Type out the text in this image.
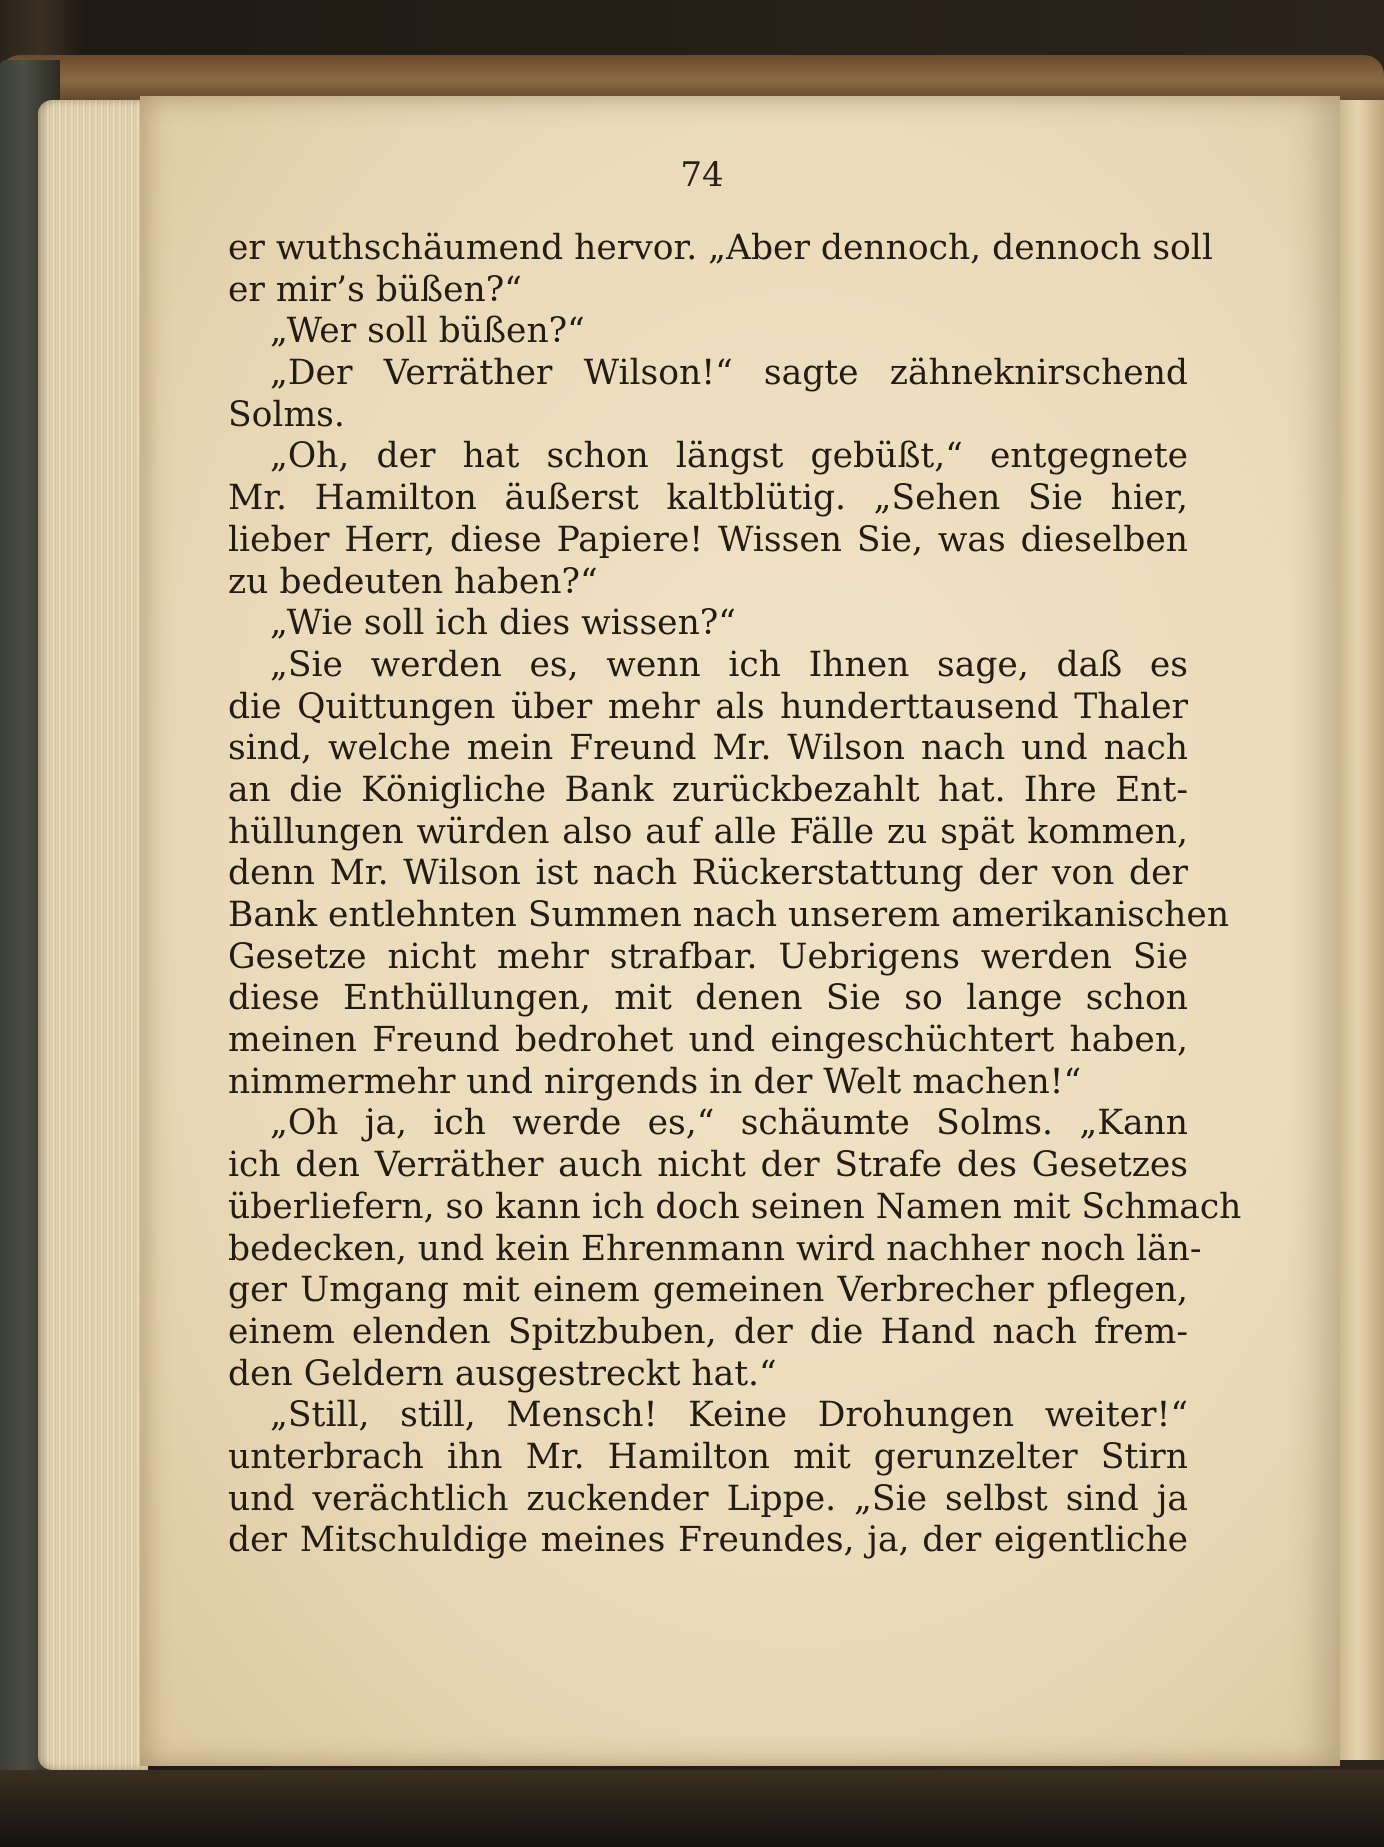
74
er wuthschäumend hervor. „Aber dennoch, dennoch soll
er mir’s büßen?“
„Wer soll büßen?“
„Der Verräther Wilson!“ sagte zähneknirschend
Solms.
„Oh, der hat schon längst gebüßt,“ entgegnete
Mr. Hamilton äußerst kaltblütig. „Sehen Sie hier,
lieber Herr, diese Papiere! Wissen Sie, was dieselben
zu bedeuten haben?“
„Wie soll ich dies wissen?“
„Sie werden es, wenn ich Ihnen sage, daß es
die Quittungen über mehr als hunderttausend Thaler
sind, welche mein Freund Mr. Wilson nach und nach
an die Königliche Bank zurückbezahlt hat. Ihre Ent-
hüllungen würden also auf alle Fälle zu spät kommen,
denn Mr. Wilson ist nach Rückerstattung der von der
Bank entlehnten Summen nach unserem amerikanischen
Gesetze nicht mehr strafbar. Uebrigens werden Sie
diese Enthüllungen, mit denen Sie so lange schon
meinen Freund bedrohet und eingeschüchtert haben,
nimmermehr und nirgends in der Welt machen!“
„Oh ja, ich werde es,“ schäumte Solms. „Kann
ich den Verräther auch nicht der Strafe des Gesetzes
überliefern, so kann ich doch seinen Namen mit Schmach
bedecken, und kein Ehrenmann wird nachher noch län-
ger Umgang mit einem gemeinen Verbrecher pflegen,
einem elenden Spitzbuben, der die Hand nach frem-
den Geldern ausgestreckt hat.“
„Still, still, Mensch! Keine Drohungen weiter!“
unterbrach ihn Mr. Hamilton mit gerunzelter Stirn
und verächtlich zuckender Lippe. „Sie selbst sind ja
der Mitschuldige meines Freundes, ja, der eigentliche
